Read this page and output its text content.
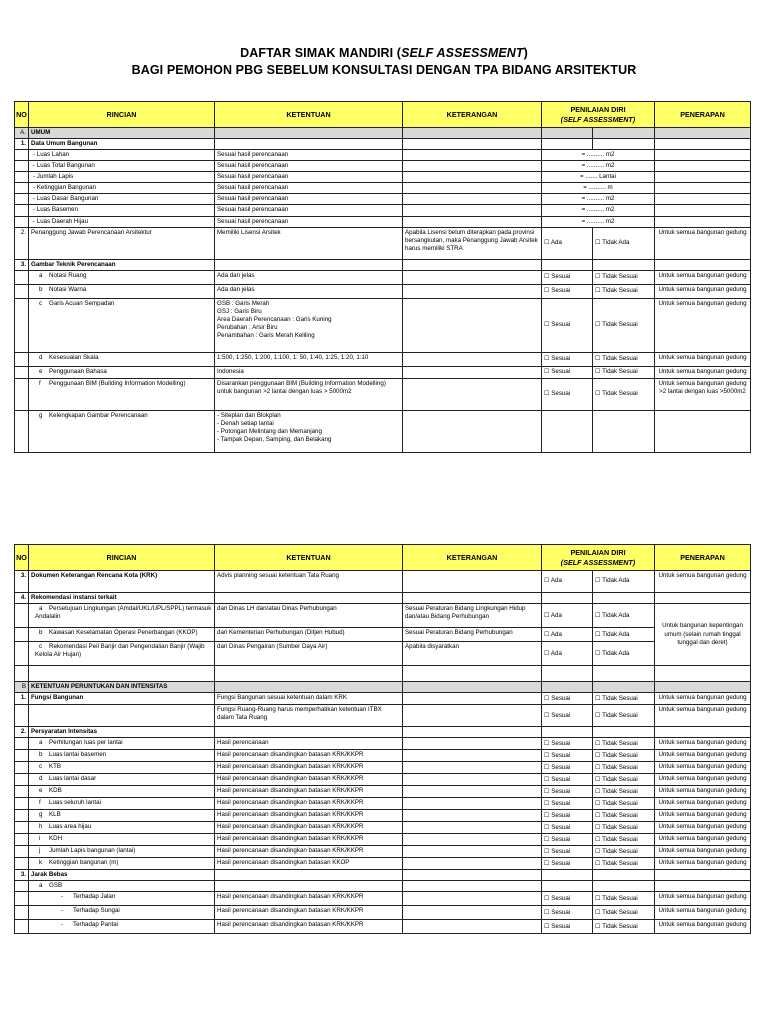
DAFTAR SIMAK MANDIRI (SELF ASSESSMENT)
BAGI PEMOHON PBG SEBELUM KONSULTASI DENGAN TPA BIDANG ARSITEKTUR
NO	RINCIAN	KETENTUAN	KETERANGAN	PENILAIAN DIRI
(SELF ASSESSMENT)		PENERAPAN
A.	UMUM					
1.	Data Umum Bangunan					
	- Luas Lahan	Sesuai hasil perencanaan		= .......... m2		
	- Luas Total Bangunan	Sesuai hasil perencanaan		= .......... m2		
	- Jumlah Lapis	Sesuai hasil perencanaan		= ....... Lantai		
	- Ketinggian Bangunan	Sesuai hasil perencanaan		= .......... m		
	- Luas Dasar Bangunan	Sesuai hasil perencanaan		= .......... m2		
	- Luas Basemen	Sesuai hasil perencanaan		= .......... m2		
	- Luas Daerah Hijau	Sesuai hasil perencanaan		= .......... m2		
2.	Penanggung Jawab Perencanaan Arsitektur	Memiliki Lisensi Arsitek	Apabila Lisensi belum diterapkan pada provinsi bersangkutan, maka Penanggung Jawab Arsitek harus memiliki STRA	☐ Ada	☐ Tidak Ada	Untuk semua bangunan gedung
3.	Gambar Teknik Perencanaan					
	a Notasi Ruang	Ada dan jelas		☐ Sesuai	☐ Tidak Sesuai	Untuk semua bangunan gedung
	b Notasi Warna	Ada dan jelas		☐ Sesuai	☐ Tidak Sesuai	Untuk semua bangunan gedung
	c Garis Acuan Sempadan	GSB : Garis Merah
GSJ : Garis Biru
Area Daerah Perencanaan : Garis Kuning
Perubahan : Arsir Biru
Penambahan : Garis Merah Keliling		☐ Sesuai	☐ Tidak Sesuai	Untuk semua bangunan gedung
	d Kesesuaian Skala	1:500, 1:250, 1:200, 1:100, 1: 50, 1:40, 1:25, 1:20, 1:10		☐ Sesuai	☐ Tidak Sesuai	Untuk semua bangunan gedung
	e Penggunaan Bahasa	Indonesia		☐ Sesuai	☐ Tidak Sesuai	Untuk semua bangunan gedung
	f Penggunaan BIM (Building Information Modelling)	Disarankan penggunaan BIM (Building Information Modelling) untuk bangunan >2 lantai dengan luas > 5000m2		☐ Sesuai	☐ Tidak Sesuai	Untuk semua bangunan gedung >2 lantai dengan luas >5000m2
	g Kelengkapan Gambar Perencanaan	- Siteplan dan Blokplan
- Denah setiap lantai
- Potongan Melintang dan Memanjang
- Tampak Depan, Samping, dan Belakang				
NO	RINCIAN	KETENTUAN	KETERANGAN	PENILAIAN DIRI
(SELF ASSESSMENT)		PENERAPAN
3.	Dokumen Keterangan Rencana Kota (KRK)	Advis planning sesuai ketentuan Tata Ruang		☐ Ada	☐ Tidak Ada	Untuk semua bangunan gedung
4.	Rekomendasi instansi terkait					
	a Persetujuan Lingkungan (Amdal/UKL/UPL/SPPL) termasuk Andalalin	dari Dinas LH dan/atau Dinas Perhubungan	Sesuai Peraturan Bidang Lingkungan Hidup dan/atau Bidang Perhubungan	☐ Ada	☐ Tidak Ada	Untuk bangunan kepentingan umum (selain rumah tinggal tunggal dan deret)
	b Kawasan Keselamatan Operasi Penerbangan (KKOP)	dari Kementerian Perhubungan (Ditjen Hubud)	Sesuai Peraturan Bidang Perhubungan	☐ Ada	☐ Tidak Ada	
	c Rekomendasi Peil Banjir dan Pengendalian Banjir (Wajib Kelola Air Hujan)	dari Dinas Pengairan (Sumber Daya Air)	Apabila disyaratkan	☐ Ada	☐ Tidak Ada	

B	KETENTUAN PERUNTUKAN DAN INTENSITAS					
1.	Fungsi Bangunan	Fungsi Bangunan sesuai ketentuan dalam KRK		☐ Sesuai	☐ Tidak Sesuai	Untuk semua bangunan gedung
		Fungsi Ruang-Ruang harus memperhatikan ketentuan ITBX dalam Tata Ruang		☐ Sesuai	☐ Tidak Sesuai	Untuk semua bangunan gedung
2.	Persyaratan Intensitas					
	a Perhitungan luas per lantai	Hasil perencanaan		☐ Sesuai	☐ Tidak Sesuai	Untuk semua bangunan gedung
	b Luas lantai basemen	Hasil perencanaan disandingkan batasan KRK/KKPR		☐ Sesuai	☐ Tidak Sesuai	Untuk semua bangunan gedung
	c KTB	Hasil perencanaan disandingkan batasan KRK/KKPR		☐ Sesuai	☐ Tidak Sesuai	Untuk semua bangunan gedung
	d Luas lantai dasar	Hasil perencanaan disandingkan batasan KRK/KKPR		☐ Sesuai	☐ Tidak Sesuai	Untuk semua bangunan gedung
	e KDB	Hasil perencanaan disandingkan batasan KRK/KKPR		☐ Sesuai	☐ Tidak Sesuai	Untuk semua bangunan gedung
	f Luas seluruh lantai	Hasil perencanaan disandingkan batasan KRK/KKPR		☐ Sesuai	☐ Tidak Sesuai	Untuk semua bangunan gedung
	g KLB	Hasil perencanaan disandingkan batasan KRK/KKPR		☐ Sesuai	☐ Tidak Sesuai	Untuk semua bangunan gedung
	h Luas area hijau	Hasil perencanaan disandingkan batasan KRK/KKPR		☐ Sesuai	☐ Tidak Sesuai	Untuk semua bangunan gedung
	i KDH	Hasil perencanaan disandingkan batasan KRK/KKPR		☐ Sesuai	☐ Tidak Sesuai	Untuk semua bangunan gedung
	j Jumlah Lapis bangunan (lantai)	Hasil perencanaan disandingkan batasan KRK/KKPR		☐ Sesuai	☐ Tidak Sesuai	Untuk semua bangunan gedung
	k Ketinggian bangunan (m)	Hasil perencanaan disandingkan batasan KKOP		☐ Sesuai	☐ Tidak Sesuai	Untuk semua bangunan gedung
3.	Jarak Bebas					
	a GSB					
	- Terhadap Jalan	Hasil perencanaan disandingkan batasan KRK/KKPR		☐ Sesuai	☐ Tidak Sesuai	Untuk semua bangunan gedung
	- Terhadap Sungai	Hasil perencanaan disandingkan batasan KRK/KKPR		☐ Sesuai	☐ Tidak Sesuai	Untuk semua bangunan gedung
	- Terhadap Pantai	Hasil perencanaan disandingkan batasan KRK/KKPR		☐ Sesuai	☐ Tidak Sesuai	Untuk semua bangunan gedung
